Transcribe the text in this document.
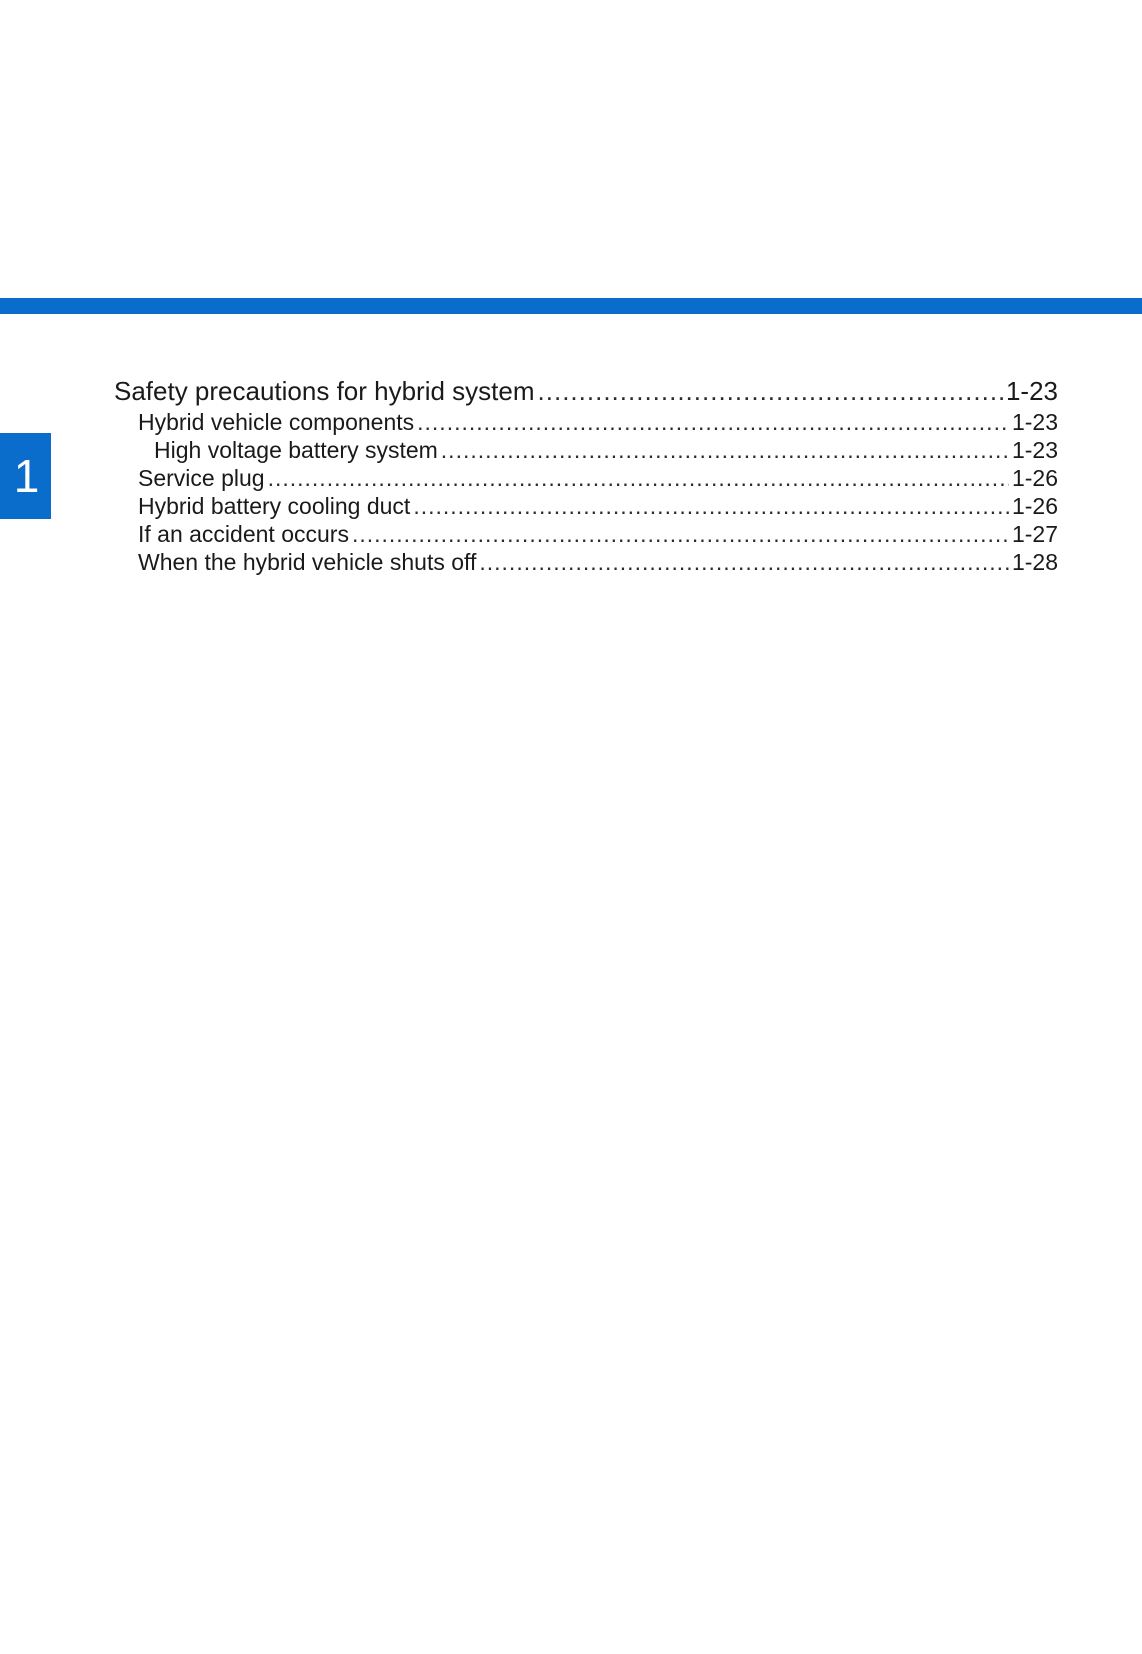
1
Safety precautions for hybrid system .....	1-23
Hybrid vehicle components .....	1-23
High voltage battery system .....	1-23
Service plug .....	1-26
Hybrid battery cooling duct .....	1-26
If an accident occurs .....	1-27
When the hybrid vehicle shuts off .....	1-28
